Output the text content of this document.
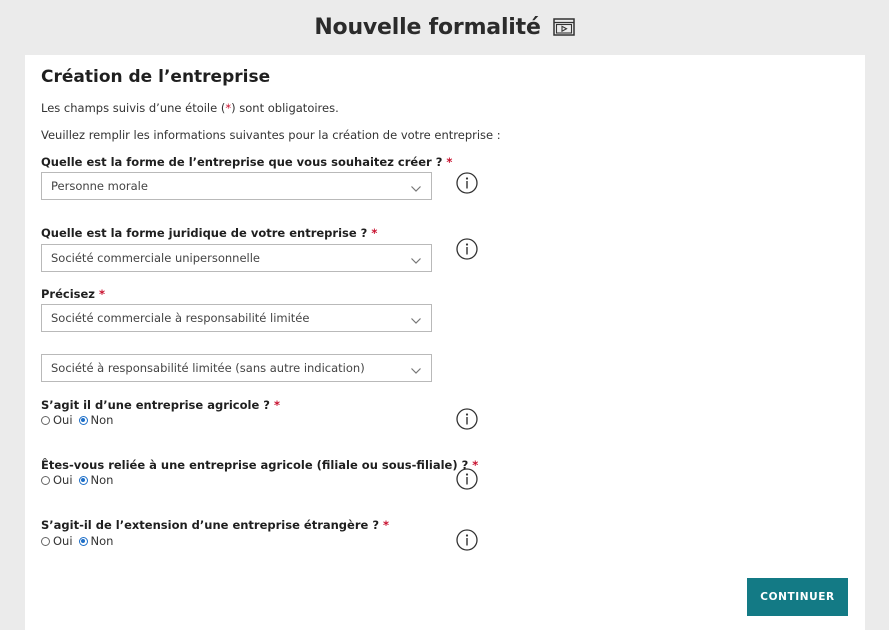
Nouvelle formalité
Création de l’entreprise
Les champs suivis d’une étoile (*) sont obligatoires.
Veuillez remplir les informations suivantes pour la création de votre entreprise :
Quelle est la forme de l’entreprise que vous souhaitez créer ? *
Personne morale
Quelle est la forme juridique de votre entreprise ? *
Société commerciale unipersonnelle
Précisez *
Société commerciale à responsabilité limitée
Société à responsabilité limitée (sans autre indication)
S’agit il d’une entreprise agricole ? *
Oui Non
Êtes-vous reliée à une entreprise agricole (filiale ou sous-filiale) ? *
Oui Non
S’agit-il de l’extension d’une entreprise étrangère ? *
Oui Non
CONTINUER
